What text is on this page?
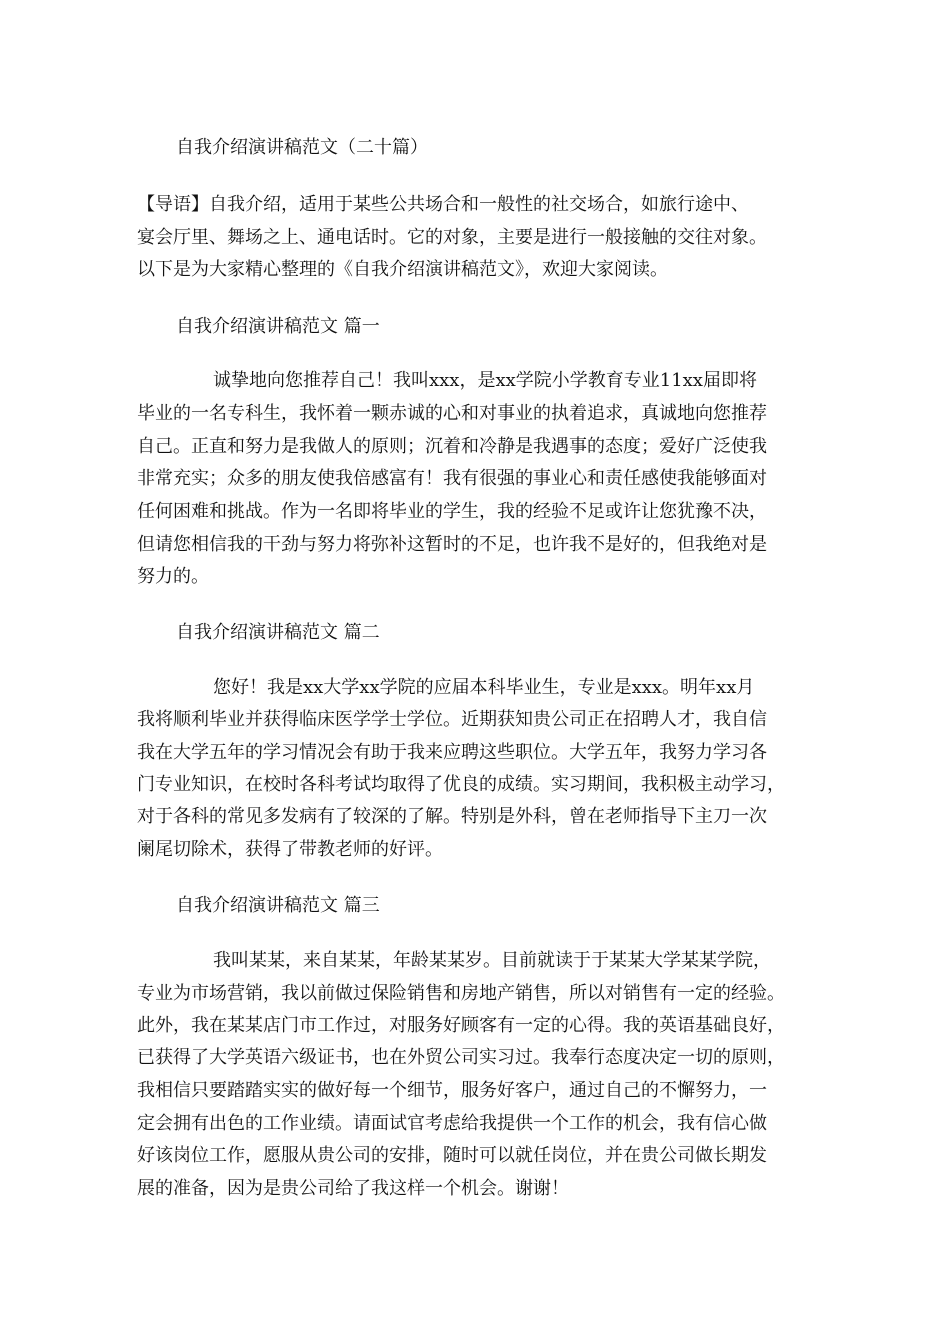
自我介绍演讲稿范文（二十篇）
【导语】自我介绍，适用于某些公共场合和一般性的社交场合，如旅行途中、
宴会厅里、舞场之上、通电话时。它的对象，主要是进行一般接触的交往对象。
以下是为大家精心整理的《自我介绍演讲稿范文》，欢迎大家阅读。
自我介绍演讲稿范文 篇一
诚挚地向您推荐自己！我叫xxx，是xx学院小学教育专业11xx届即将
毕业的一名专科生，我怀着一颗赤诚的心和对事业的执着追求，真诚地向您推荐
自己。正直和努力是我做人的原则；沉着和冷静是我遇事的态度；爱好广泛使我
非常充实；众多的朋友使我倍感富有！我有很强的事业心和责任感使我能够面对
任何困难和挑战。作为一名即将毕业的学生，我的经验不足或许让您犹豫不决，
但请您相信我的干劲与努力将弥补这暂时的不足，也许我不是好的，但我绝对是
努力的。
自我介绍演讲稿范文 篇二
您好！我是xx大学xx学院的应届本科毕业生，专业是xxx。明年xx月
我将顺利毕业并获得临床医学学士学位。近期获知贵公司正在招聘人才，我自信
我在大学五年的学习情况会有助于我来应聘这些职位。大学五年，我努力学习各
门专业知识，在校时各科考试均取得了优良的成绩。实习期间，我积极主动学习，
对于各科的常见多发病有了较深的了解。特别是外科，曾在老师指导下主刀一次
阑尾切除术，获得了带教老师的好评。
自我介绍演讲稿范文 篇三
我叫某某，来自某某，年龄某某岁。目前就读于于某某大学某某学院，
专业为市场营销，我以前做过保险销售和房地产销售，所以对销售有一定的经验。
此外，我在某某店门市工作过，对服务好顾客有一定的心得。我的英语基础良好，
已获得了大学英语六级证书，也在外贸公司实习过。我奉行态度决定一切的原则，
我相信只要踏踏实实的做好每一个细节，服务好客户，通过自己的不懈努力，一
定会拥有出色的工作业绩。请面试官考虑给我提供一个工作的机会，我有信心做
好该岗位工作，愿服从贵公司的安排，随时可以就任岗位，并在贵公司做长期发
展的准备，因为是贵公司给了我这样一个机会。谢谢！
